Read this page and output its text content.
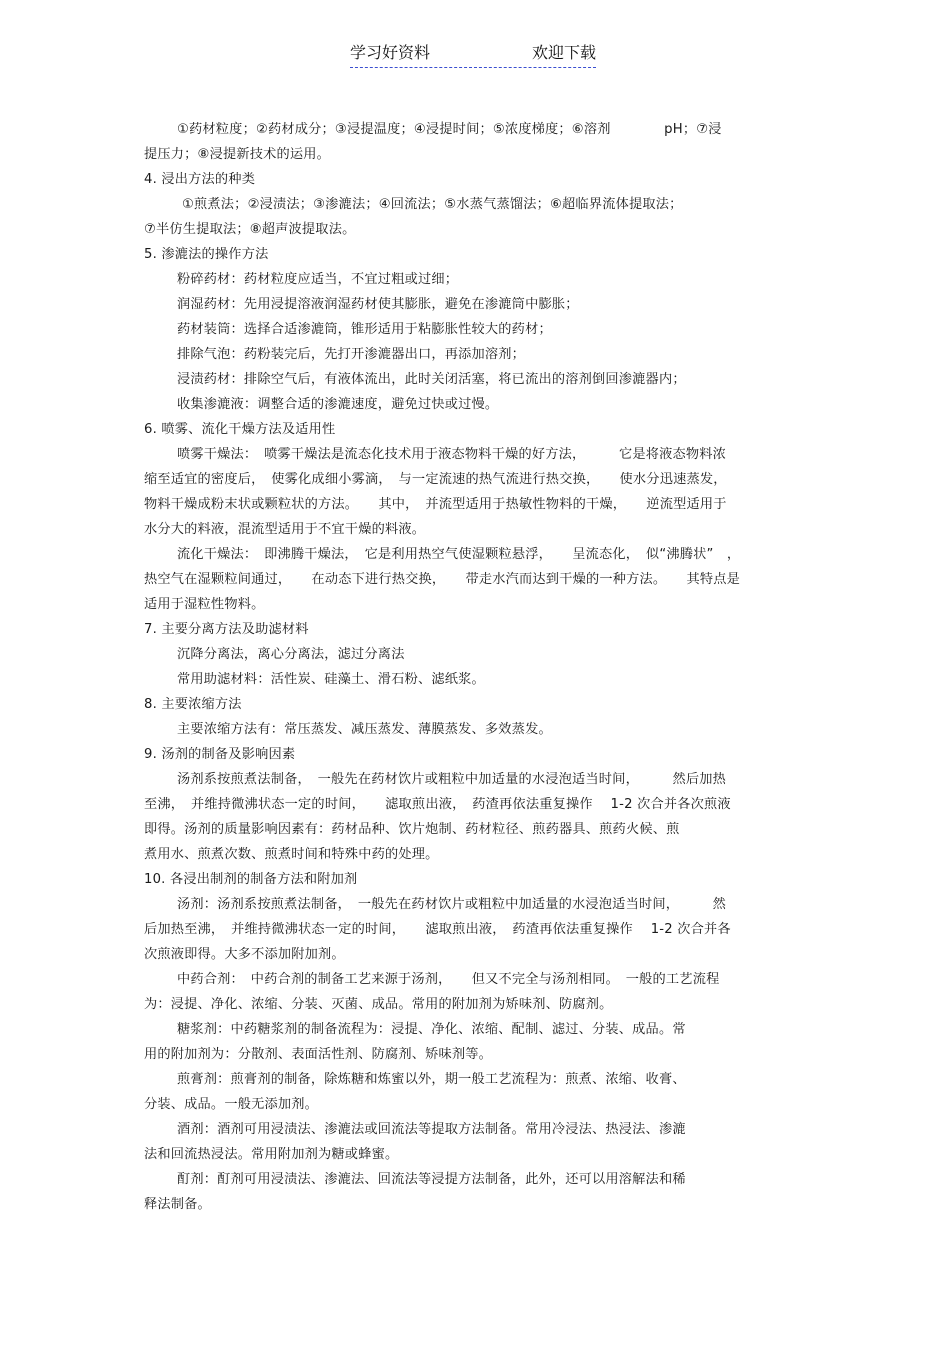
学习好资料	欢迎下载

①药材粒度；②药材成分；③浸提温度；④浸提时间；⑤浓度梯度；⑥溶剂　　　　pH；⑦浸

提压力；⑧浸提新技术的运用。

4. 浸出方法的种类

①煎煮法；②浸渍法；③渗漉法；④回流法；⑤水蒸气蒸馏法；⑥超临界流体提取法；

⑦半仿生提取法；⑧超声波提取法。

5. 渗漉法的操作方法

粉碎药材：药材粒度应适当，不宜过粗或过细；

润湿药材：先用浸提溶液润湿药材使其膨胀，避免在渗漉筒中膨胀；

药材装筒：选择合适渗漉筒，锥形适用于粘膨胀性较大的药材；

排除气泡：药粉装完后，先打开渗漉器出口，再添加溶剂；

浸渍药材：排除空气后，有液体流出，此时关闭活塞，将已流出的溶剂倒回渗漉器内；

收集渗漉液：调整合适的渗漉速度，避免过快或过慢。

6. 喷雾、流化干燥方法及适用性

喷雾干燥法：　喷雾干燥法是流态化技术用于液态物料干燥的好方法，　　　它是将液态物料浓

缩至适宜的密度后，　使雾化成细小雾滴，　与一定流速的热气流进行热交换，　　使水分迅速蒸发，

物料干燥成粉末状或颗粒状的方法。　　其中，　并流型适用于热敏性物料的干燥，　　逆流型适用于

水分大的料液，混流型适用于不宜干燥的料液。

流化干燥法：　即沸腾干燥法，　它是利用热空气使湿颗粒悬浮，　　呈流态化，　似“沸腾状”　，

热空气在湿颗粒间通过，　　在动态下进行热交换，　　带走水汽而达到干燥的一种方法。　　其特点是

适用于湿粒性物料。

7. 主要分离方法及助滤材料

沉降分离法，离心分离法，滤过分离法

常用助滤材料：活性炭、硅藻土、滑石粉、滤纸浆。

8. 主要浓缩方法

主要浓缩方法有：常压蒸发、减压蒸发、薄膜蒸发、多效蒸发。

9. 汤剂的制备及影响因素

汤剂系按煎煮法制备，　一般先在药材饮片或粗粒中加适量的水浸泡适当时间，　　　然后加热

至沸，　并维持微沸状态一定的时间，　　滤取煎出液，　药渣再依法重复操作　 1-2 次合并各次煎液

即得。汤剂的质量影响因素有：药材品种、饮片炮制、药材粒径、煎药器具、煎药火候、煎

煮用水、煎煮次数、煎煮时间和特殊中药的处理。

10. 各浸出制剂的制备方法和附加剂

汤剂：汤剂系按煎煮法制备，　一般先在药材饮片或粗粒中加适量的水浸泡适当时间，　　　然

后加热至沸，　并维持微沸状态一定的时间，　　滤取煎出液，　药渣再依法重复操作　 1-2 次合并各

次煎液即得。大多不添加附加剂。

中药合剂：　中药合剂的制备工艺来源于汤剂，　　但又不完全与汤剂相同。　一般的工艺流程

为：浸提、净化、浓缩、分装、灭菌、成品。常用的附加剂为矫味剂、防腐剂。

糖浆剂：中药糖浆剂的制备流程为：浸提、净化、浓缩、配制、滤过、分装、成品。常

用的附加剂为：分散剂、表面活性剂、防腐剂、矫味剂等。

煎膏剂：煎膏剂的制备，除炼糖和炼蜜以外，期一般工艺流程为：煎煮、浓缩、收膏、

分装、成品。一般无添加剂。

酒剂：酒剂可用浸渍法、渗漉法或回流法等提取方法制备。常用冷浸法、热浸法、渗漉

法和回流热浸法。常用附加剂为糖或蜂蜜。

酊剂：酊剂可用浸渍法、渗漉法、回流法等浸提方法制备，此外，还可以用溶解法和稀

释法制备。
